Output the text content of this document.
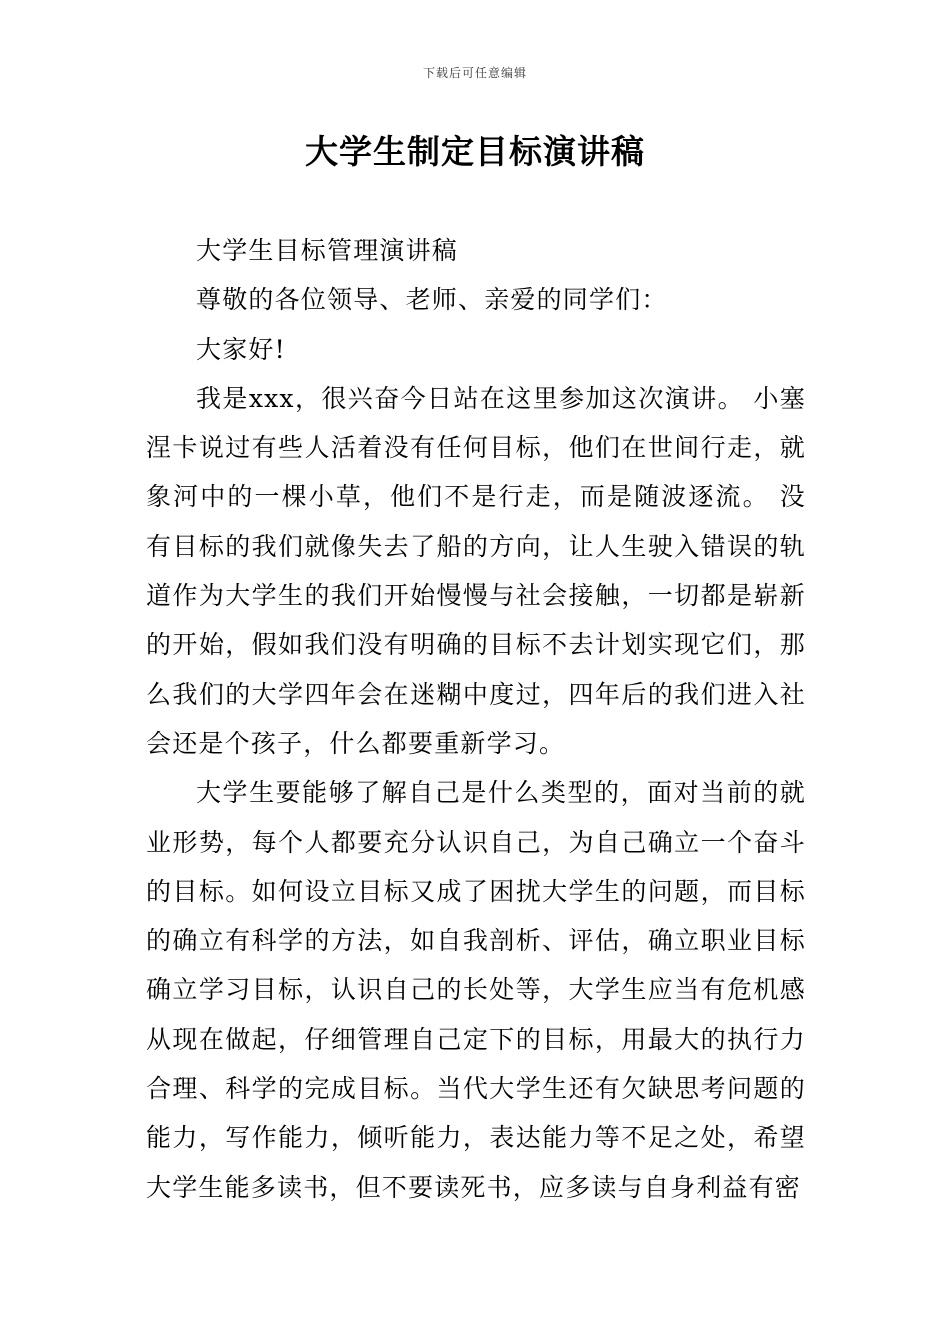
下载后可任意编辑
大学生制定目标演讲稿

大学生目标管理演讲稿

尊敬的各位领导、老师、亲爱的同学们：

大家好!

我是xxx，很兴奋今日站在这里参加这次演讲。 小塞涅卡说过有些人活着没有任何目标，他们在世间行走，就象河中的一棵小草，他们不是行走，而是随波逐流。 没有目标的我们就像失去了船的方向，让人生驶入错误的轨道作为大学生的我们开始慢慢与社会接触，一切都是崭新的开始，假如我们没有明确的目标不去计划实现它们，那么我们的大学四年会在迷糊中度过，四年后的我们进入社会还是个孩子，什么都要重新学习。

大学生要能够了解自己是什么类型的，面对当前的就业形势，每个人都要充分认识自己，为自己确立一个奋斗的目标。如何设立目标又成了困扰大学生的问题，而目标的确立有科学的方法，如自我剖析、评估，确立职业目标确立学习目标，认识自己的长处等，大学生应当有危机感从现在做起，仔细管理自己定下的目标，用最大的执行力合理、科学的完成目标。当代大学生还有欠缺思考问题的能力，写作能力，倾听能力，表达能力等不足之处，希望大学生能多读书，但不要读死书，应多读与自身利益有密
